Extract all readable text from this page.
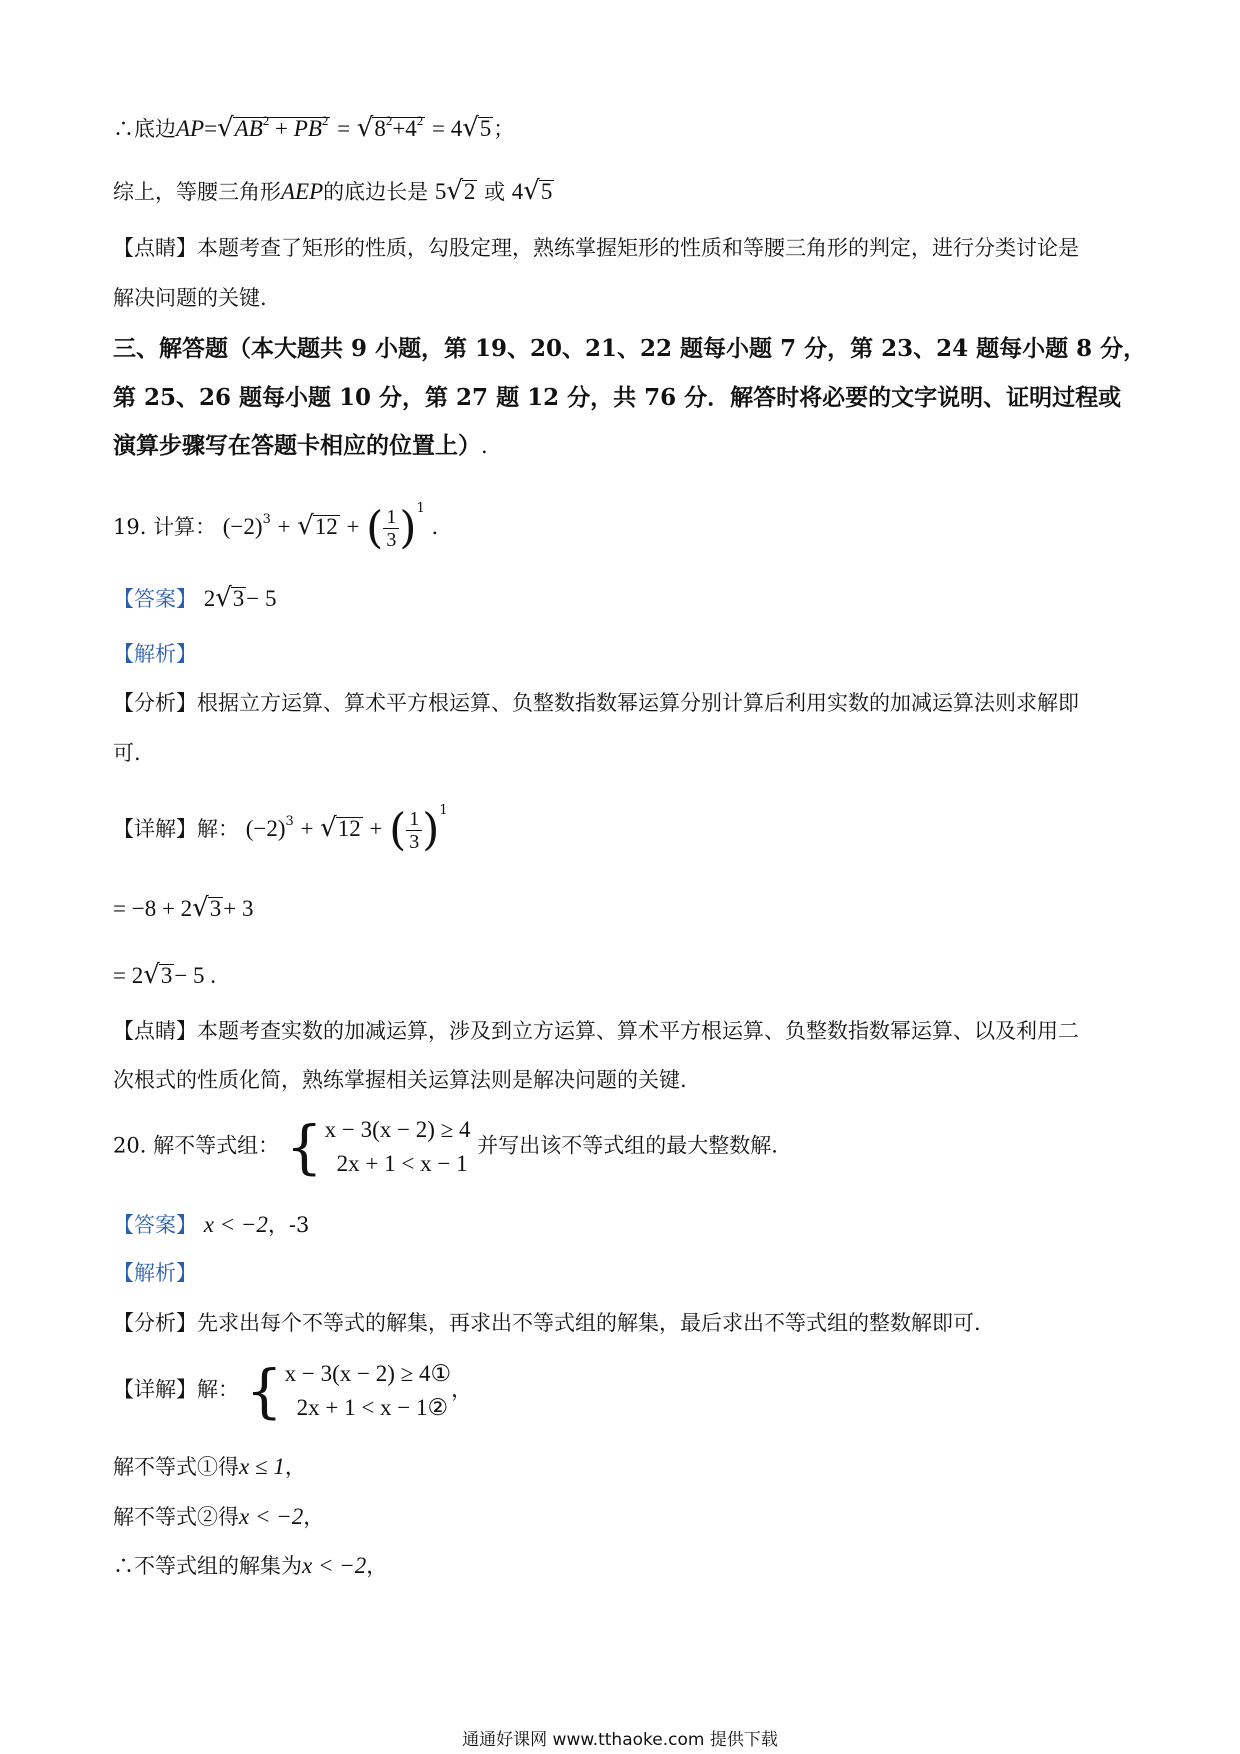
∴底边$AP=√AB^2 + PB^2 = √8^2+4^2 = 4√5$；
综上，等腰三角形AEP的底边长是 5√2 或 4√5
【点睛】本题考查了矩形的性质，勾股定理，熟练掌握矩形的性质和等腰三角形的判定，进行分类讨论是
解决问题的关键.
三、解答题（本大题共 9 小题，第 19、20、21、22 题每小题 7 分，第 23、24 题每小题 8 分，
第 25、26 题每小题 10 分，第 27 题 12 分，共 76 分．解答时将必要的文字说明、证明过程或
演算步骤写在答题卡相应的位置上）.
19. 计算： $(-2)^3 + √12$ + ( $\frac{1}{3} )^1$ .
【答案】 2√3− 5
【解析】
【分析】根据立方运算、算术平方根运算、负整数指数幂运算分别计算后利用实数的加减运算法则求解即
可.
【详解】解： $(-2)^3 + √12$ + ( $\frac{1}{3} )^1$
= −8 + 2√3+ 3
= 2√3− 5 .
【点睛】本题考查实数的加减运算，涉及到立方运算、算术平方根运算、负整数指数幂运算、以及利用二
次根式的性质化简，熟练掌握相关运算法则是解决问题的关键.
20. 解不等式组： { x − 3(x − 2) ≥ 4
2x + 1 < x − 1
并写出该不等式组的最大整数解.
【答案】 x < −2，-3
【解析】
【分析】先求出每个不等式的解集，再求出不等式组的解集，最后求出不等式组的整数解即可.
【详解】解： { x − 3(x − 2) ≥ 4①
2x + 1 < x − 1②
，
解不等式①得x ≤ 1，
解不等式②得x < −2，
∴不等式组的解集为x < −2，
通通好课网 www.tthaoke.com 提供下载
